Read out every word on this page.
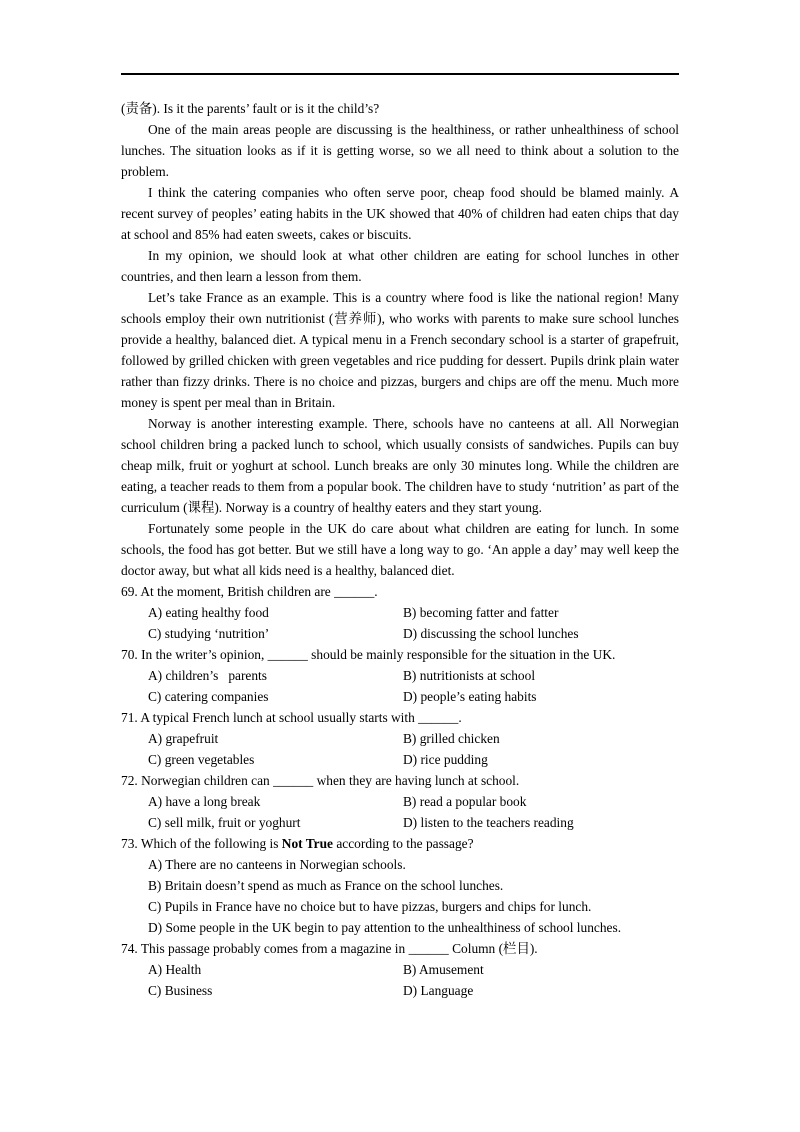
(责备). Is it the parents’ fault or is it the child’s?

One of the main areas people are discussing is the healthiness, or rather unhealthiness of school lunches. The situation looks as if it is getting worse, so we all need to think about a solution to the problem.

I think the catering companies who often serve poor, cheap food should be blamed mainly. A recent survey of peoples’ eating habits in the UK showed that 40% of children had eaten chips that day at school and 85% had eaten sweets, cakes or biscuits.

In my opinion, we should look at what other children are eating for school lunches in other countries, and then learn a lesson from them.

Let’s take France as an example. This is a country where food is like the national region! Many schools employ their own nutritionist (营养师), who works with parents to make sure school lunches provide a healthy, balanced diet. A typical menu in a French secondary school is a starter of grapefruit, followed by grilled chicken with green vegetables and rice pudding for dessert. Pupils drink plain water rather than fizzy drinks. There is no choice and pizzas, burgers and chips are off the menu. Much more money is spent per meal than in Britain.

Norway is another interesting example. There, schools have no canteens at all. All Norwegian school children bring a packed lunch to school, which usually consists of sandwiches. Pupils can buy cheap milk, fruit or yoghurt at school. Lunch breaks are only 30 minutes long. While the children are eating, a teacher reads to them from a popular book. The children have to study ‘nutrition’ as part of the curriculum (课程). Norway is a country of healthy eaters and they start young.

Fortunately some people in the UK do care about what children are eating for lunch. In some schools, the food has got better. But we still have a long way to go. ‘An apple a day’ may well keep the doctor away, but what all kids need is a healthy, balanced diet.

69. At the moment, British children are ______.

A) eating healthy food	B) becoming fatter and fatter
C) studying ‘nutrition’	D) discussing the school lunches

70. In the writer’s opinion, ______ should be mainly responsible for the situation in the UK.

A) children’s   parents	B) nutritionists at school
C) catering companies	D) people’s eating habits

71. A typical French lunch at school usually starts with ______.

A) grapefruit	B) grilled chicken
C) green vegetables	D) rice pudding

72. Norwegian children can ______ when they are having lunch at school.

A) have a long break	B) read a popular book
C) sell milk, fruit or yoghurt	D) listen to the teachers reading

73. Which of the following is Not True according to the passage?

A) There are no canteens in Norwegian schools.
B) Britain doesn’t spend as much as France on the school lunches.
C) Pupils in France have no choice but to have pizzas, burgers and chips for lunch.
D) Some people in the UK begin to pay attention to the unhealthiness of school lunches.

74. This passage probably comes from a magazine in ______ Column (栏目).

A) Health	B) Amusement
C) Business	D) Language
